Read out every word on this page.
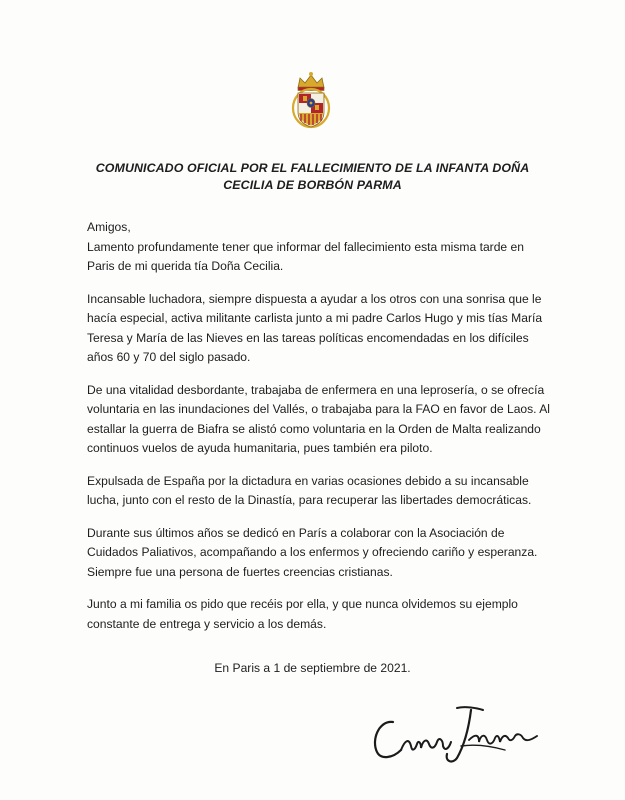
COMUNICADO OFICIAL POR EL FALLECIMIENTO DE LA INFANTA DOÑA
CECILIA DE BORBÓN PARMA

Amigos,
Lamento profundamente tener que informar del fallecimiento esta misma tarde en
Paris de mi querida tía Doña Cecilia.

Incansable luchadora, siempre dispuesta a ayudar a los otros con una sonrisa que le
hacía especial, activa militante carlista junto a mi padre Carlos Hugo y mis tías María
Teresa y María de las Nieves en las tareas políticas encomendadas en los difíciles
años 60 y 70 del siglo pasado.

De una vitalidad desbordante, trabajaba de enfermera en una leprosería, o se ofrecía
voluntaria en las inundaciones del Vallés, o trabajaba para la FAO en favor de Laos. Al
estallar la guerra de Biafra se alistó como voluntaria en la Orden de Malta realizando
continuos vuelos de ayuda humanitaria, pues también era piloto.

Expulsada de España por la dictadura en varias ocasiones debido a su incansable
lucha, junto con el resto de la Dinastía, para recuperar las libertades democráticas.

Durante sus últimos años se dedicó en París a colaborar con la Asociación de
Cuidados Paliativos, acompañando a los enfermos y ofreciendo cariño y esperanza.
Siempre fue una persona de fuertes creencias cristianas.

Junto a mi familia os pido que recéis por ella, y que nunca olvidemos su ejemplo
constante de entrega y servicio a los demás.

En Paris a 1 de septiembre de 2021.
